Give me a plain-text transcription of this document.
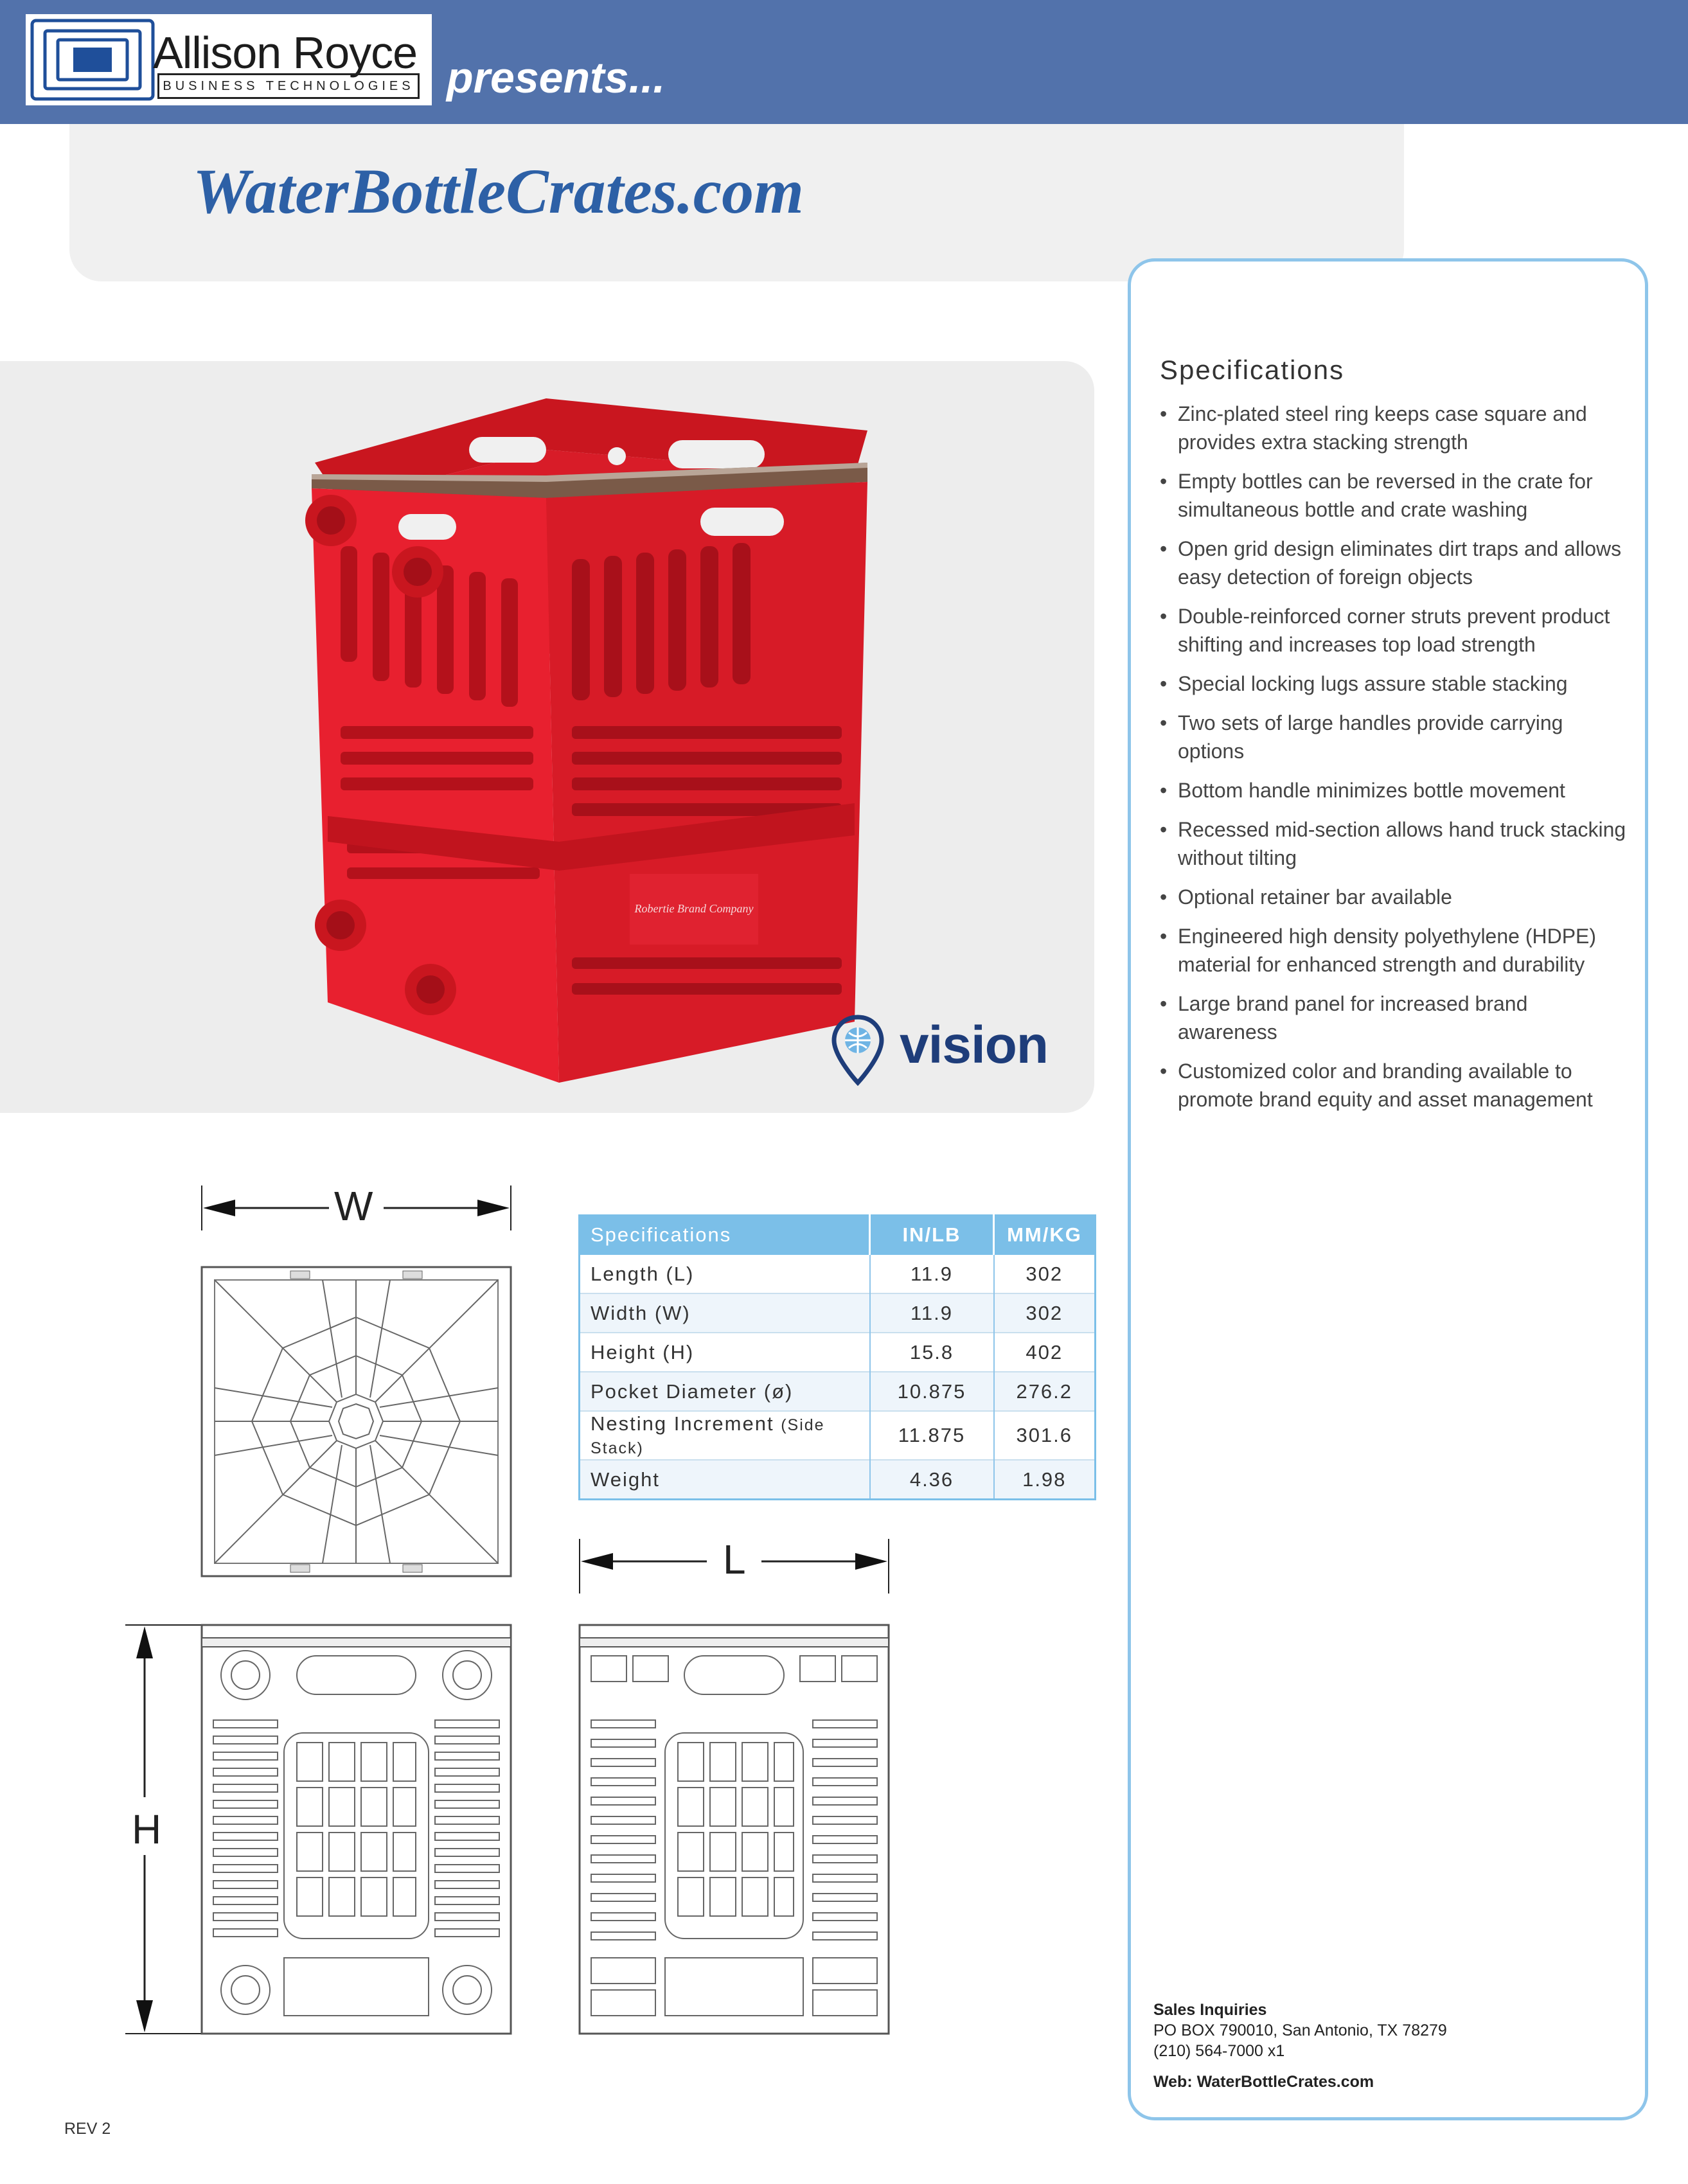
Allison Royce
BUSINESS TECHNOLOGIES presents...
WaterBottleCrates.com
Specifications
• Zinc-plated steel ring keeps case square and provides extra stacking strength
• Empty bottles can be reversed in the crate for simultaneous bottle and crate washing
• Open grid design eliminates dirt traps and allows easy detection of foreign objects
• Double-reinforced corner struts prevent product shifting and increases top load strength
• Special locking lugs assure stable stacking
• Two sets of large handles provide carrying options
• Bottom handle minimizes bottle movement
• Recessed mid-section allows hand truck stacking without tilting
• Optional retainer bar available
• Engineered high density polyethylene (HDPE) material for enhanced strength and durability
• Large brand panel for increased brand awareness
• Customized color and branding available to promote brand equity and asset management
Sales Inquiries
PO BOX 790010, San Antonio, TX 78279
(210) 564-7000 x1
Web: WaterBottleCrates.com
Robertie Brand Company
vision
Specifications	IN/LB	MM/KG
Length (L)	11.9	302
Width (W)	11.9	302
Height (H)	15.8	402
Pocket Diameter (ø)	10.875	276.2
Nesting Increment (Side Stack)	11.875	301.6
Weight	4.36	1.98
W
H
L
REV 2
